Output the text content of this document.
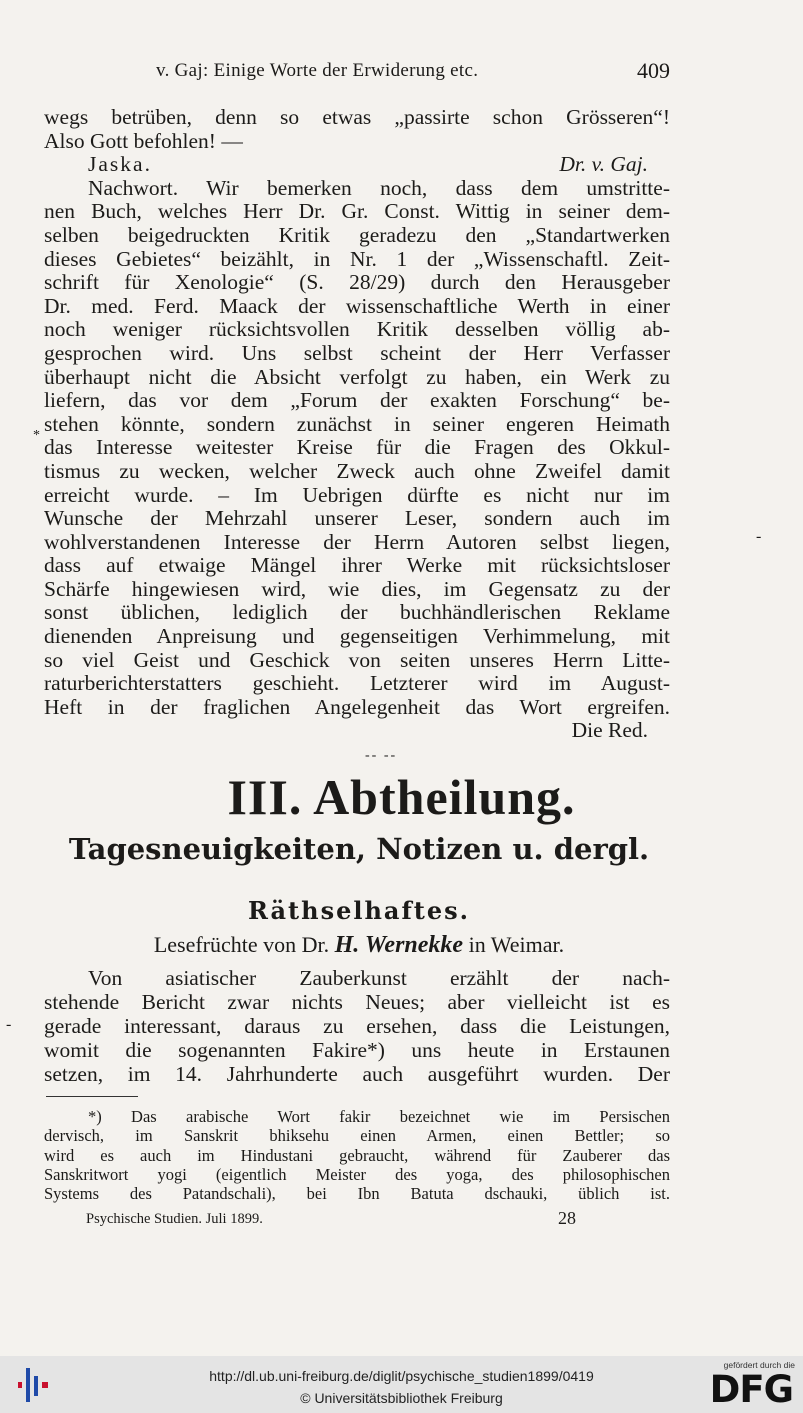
v. Gaj: Einige Worte der Erwiderung etc.	409
wegs betrüben, denn so etwas „passirte schon Grösseren“!
Also Gott befohlen! —
Jaska.	Dr. v. Gaj.
Nachwort. Wir bemerken noch, dass dem umstritte-
nen Buch, welches Herr Dr. Gr. Const. Wittig in seiner dem-
selben beigedruckten Kritik geradezu den „Standartwerken
dieses Gebietes“ beizählt, in Nr. 1 der „Wissenschaftl. Zeit-
schrift für Xenologie“ (S. 28/29) durch den Herausgeber
Dr. med. Ferd. Maack der wissenschaftliche Werth in einer
noch weniger rücksichtsvollen Kritik desselben völlig ab-
gesprochen wird. Uns selbst scheint der Herr Verfasser
überhaupt nicht die Absicht verfolgt zu haben, ein Werk zu
liefern, das vor dem „Forum der exakten Forschung“ be-
stehen könnte, sondern zunächst in seiner engeren Heimath
das Interesse weitester Kreise für die Fragen des Okkul-
tismus zu wecken, welcher Zweck auch ohne Zweifel damit
erreicht wurde. – Im Uebrigen dürfte es nicht nur im
Wunsche der Mehrzahl unserer Leser, sondern auch im
wohlverstandenen Interesse der Herrn Autoren selbst liegen,
dass auf etwaige Mängel ihrer Werke mit rücksichtsloser
Schärfe hingewiesen wird, wie dies, im Gegensatz zu der
sonst üblichen, lediglich der buchhändlerischen Reklame
dienenden Anpreisung und gegenseitigen Verhimmelung, mit
so viel Geist und Geschick von seiten unseres Herrn Litte-
raturberichterstatters geschieht. Letzterer wird im August-
Heft in der fraglichen Angelegenheit das Wort ergreifen.
Die Red.
-- --
III. Abtheilung.
Tagesneuigkeiten, Notizen u. dergl.
Räthselhaftes.
Lesefrüchte von Dr. H. Wernekke in Weimar.
Von asiatischer Zauberkunst erzählt der nach-
stehende Bericht zwar nichts Neues; aber vielleicht ist es
gerade interessant, daraus zu ersehen, dass die Leistungen,
womit die sogenannten Fakire*) uns heute in Erstaunen
setzen, im 14. Jahrhunderte auch ausgeführt wurden. Der
*) Das arabische Wort fakir bezeichnet wie im Persischen
dervisch, im Sanskrit bhiksehu einen Armen, einen Bettler; so
wird es auch im Hindustani gebraucht, während für Zauberer das
Sanskritwort yogi (eigentlich Meister des yoga, des philosophischen
Systems des Patandschali), bei Ibn Batuta dschauki, üblich ist.
Psychische Studien. Juli 1899.	28
-
-
*
http://dl.ub.uni-freiburg.de/diglit/psychische_studien1899/0419
© Universitätsbibliothek Freiburg
gefördert durch die
DFG
